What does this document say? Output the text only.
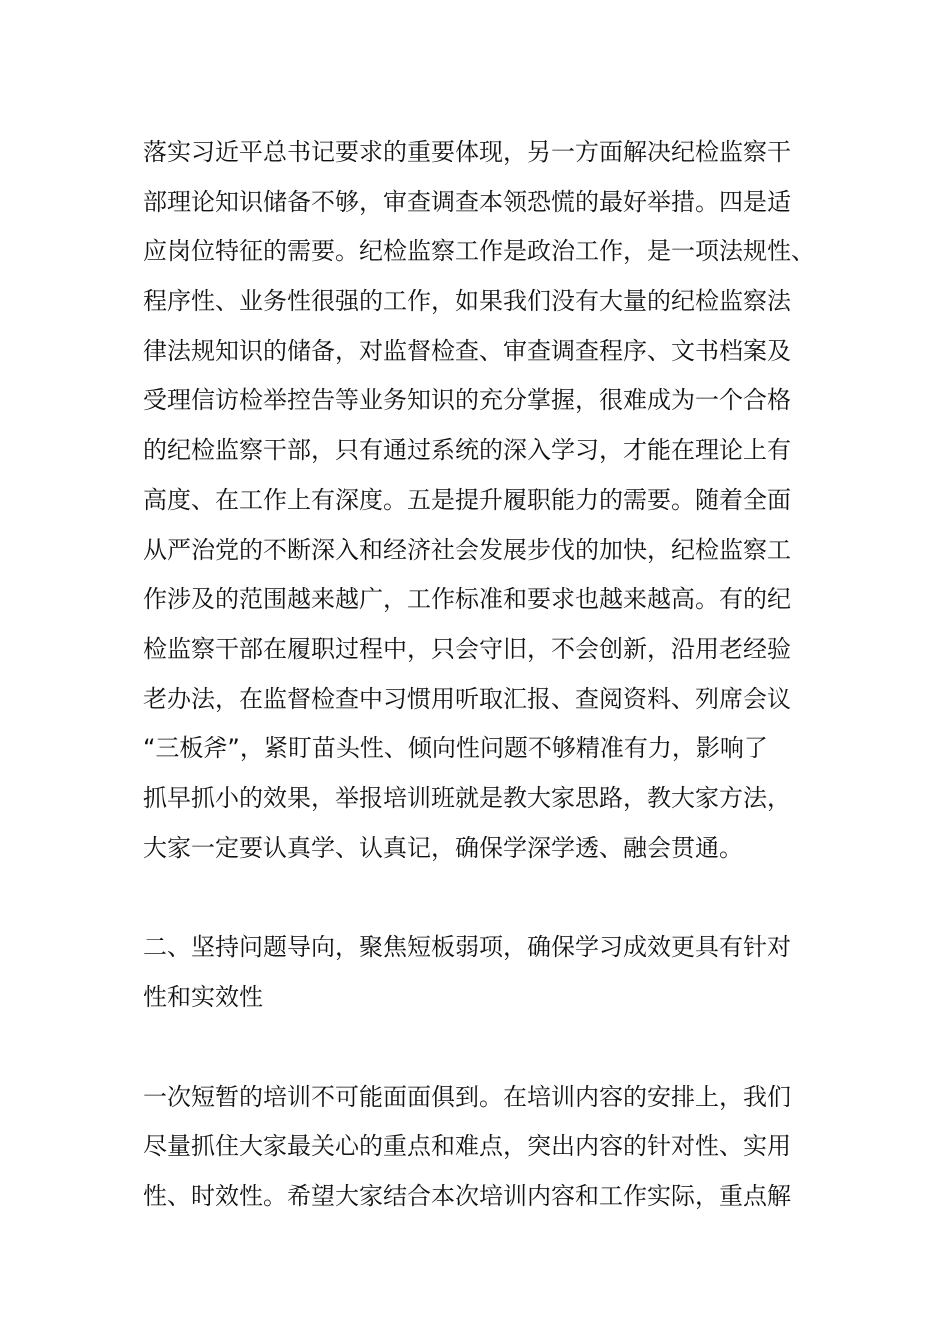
落实习近平总书记要求的重要体现，另一方面解决纪检监察干
部理论知识储备不够，审查调查本领恐慌的最好举措。四是适
应岗位特征的需要。纪检监察工作是政治工作，是一项法规性、
程序性、业务性很强的工作，如果我们没有大量的纪检监察法
律法规知识的储备，对监督检查、审查调查程序、文书档案及
受理信访检举控告等业务知识的充分掌握，很难成为一个合格
的纪检监察干部，只有通过系统的深入学习，才能在理论上有
高度、在工作上有深度。五是提升履职能力的需要。随着全面
从严治党的不断深入和经济社会发展步伐的加快，纪检监察工
作涉及的范围越来越广，工作标准和要求也越来越高。有的纪
检监察干部在履职过程中，只会守旧，不会创新，沿用老经验
老办法，在监督检查中习惯用听取汇报、查阅资料、列席会议
“三板斧”，紧盯苗头性、倾向性问题不够精准有力，影响了
抓早抓小的效果，举报培训班就是教大家思路，教大家方法，
大家一定要认真学、认真记，确保学深学透、融会贯通。
二、坚持问题导向，聚焦短板弱项，确保学习成效更具有针对
性和实效性
一次短暂的培训不可能面面俱到。在培训内容的安排上，我们
尽量抓住大家最关心的重点和难点，突出内容的针对性、实用
性、时效性。希望大家结合本次培训内容和工作实际，重点解
